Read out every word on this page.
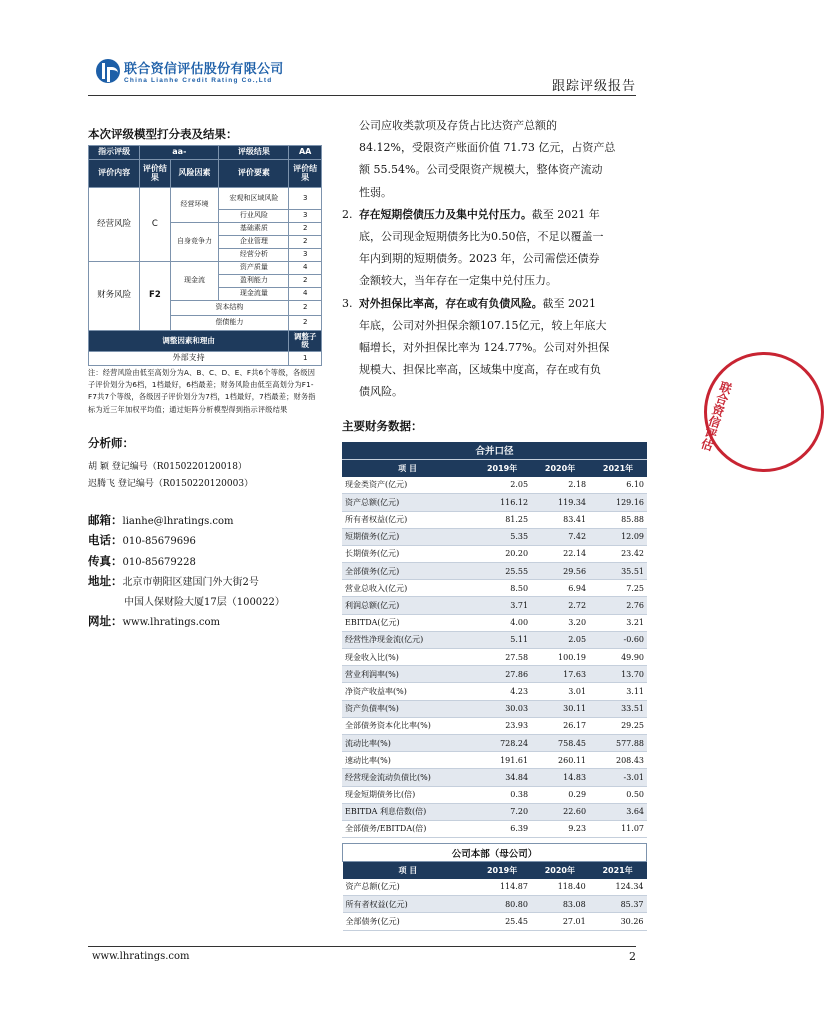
联合资信评估股份有限公司
China Lianhe Credit Rating Co.,Ltd	跟踪评级报告
本次评级模型打分表及结果：
指示评级	aa-		评级结果	AA
评价内容	评价结果	风险因素	评价要素	评价结果
经营风险	C	经营环境	宏观和区域风险	3
			行业风险	3
		自身竞争力	基础素质	2
			企业管理	2
			经营分析	3
财务风险	F2	现金流	资产质量	4
			盈利能力	2
			现金流量	4
		资本结构		2
		偿债能力		2
调整因素和理由				调整子级
外部支持				1
注：经营风险由低至高划分为A、B、C、D、E、F共6个等级，各级因子评价划分为6档，1档最好，6档最差；财务风险由低至高划分为F1-F7共7个等级，各级因子评价划分为7档，1档最好，7档最差；财务指标为近三年加权平均值；通过矩阵分析模型得到指示评级结果
分析师：
胡 颖 登记编号（R0150220120018）
迟腾飞 登记编号（R0150220120003）
邮箱：lianhe@lhratings.com
电话：010-85679696
传真：010-85679228
地址：北京市朝阳区建国门外大街2号
中国人保财险大厦17层（100022）
网址：www.lhratings.com
公司应收类款项及存货占比达资产总额的
84.12%，受限资产账面价值 71.73 亿元，占资产总
额 55.54%。公司受限资产规模大，整体资产流动
性弱。
2. 存在短期偿债压力及集中兑付压力。截至 2021 年
底，公司现金短期债务比为0.50倍，不足以覆盖一
年内到期的短期债务。2023 年，公司需偿还债券
金额较大，当年存在一定集中兑付压力。
3. 对外担保比率高，存在或有负债风险。截至 2021
年底，公司对外担保余额107.15亿元，较上年底大
幅增长，对外担保比率为 124.77%。公司对外担保
规模大、担保比率高，区域集中度高，存在或有负
债风险。
主要财务数据：
合并口径			
项 目	2019年	2020年	2021年
现金类资产(亿元)	2.05	2.18	6.10
资产总额(亿元)	116.12	119.34	129.16
所有者权益(亿元)	81.25	83.41	85.88
短期债务(亿元)	5.35	7.42	12.09
长期债务(亿元)	20.20	22.14	23.42
全部债务(亿元)	25.55	29.56	35.51
营业总收入(亿元)	8.50	6.94	7.25
利润总额(亿元)	3.71	2.72	2.76
EBITDA(亿元)	4.00	3.20	3.21
经营性净现金流(亿元)	5.11	2.05	-0.60
现金收入比(%)	27.58	100.19	49.90
营业利润率(%)	27.86	17.63	13.70
净资产收益率(%)	4.23	3.01	3.11
资产负债率(%)	30.03	30.11	33.51
全部债务资本化比率(%)	23.93	26.17	29.25
流动比率(%)	728.24	758.45	577.88
速动比率(%)	191.61	260.11	208.43
经营现金流动负债比(%)	34.84	14.83	-3.01
现金短期债务比(倍)	0.38	0.29	0.50
EBITDA 利息倍数(倍)	7.20	22.60	3.64
全部债务/EBITDA(倍)	6.39	9.23	11.07
公司本部（母公司）			
项 目	2019年	2020年	2021年
资产总额(亿元)	114.87	118.40	124.34
所有者权益(亿元)	80.80	83.08	85.37
全部债务(亿元)	25.45	27.01	30.26
联合资信评估
www.lhratings.com	2
